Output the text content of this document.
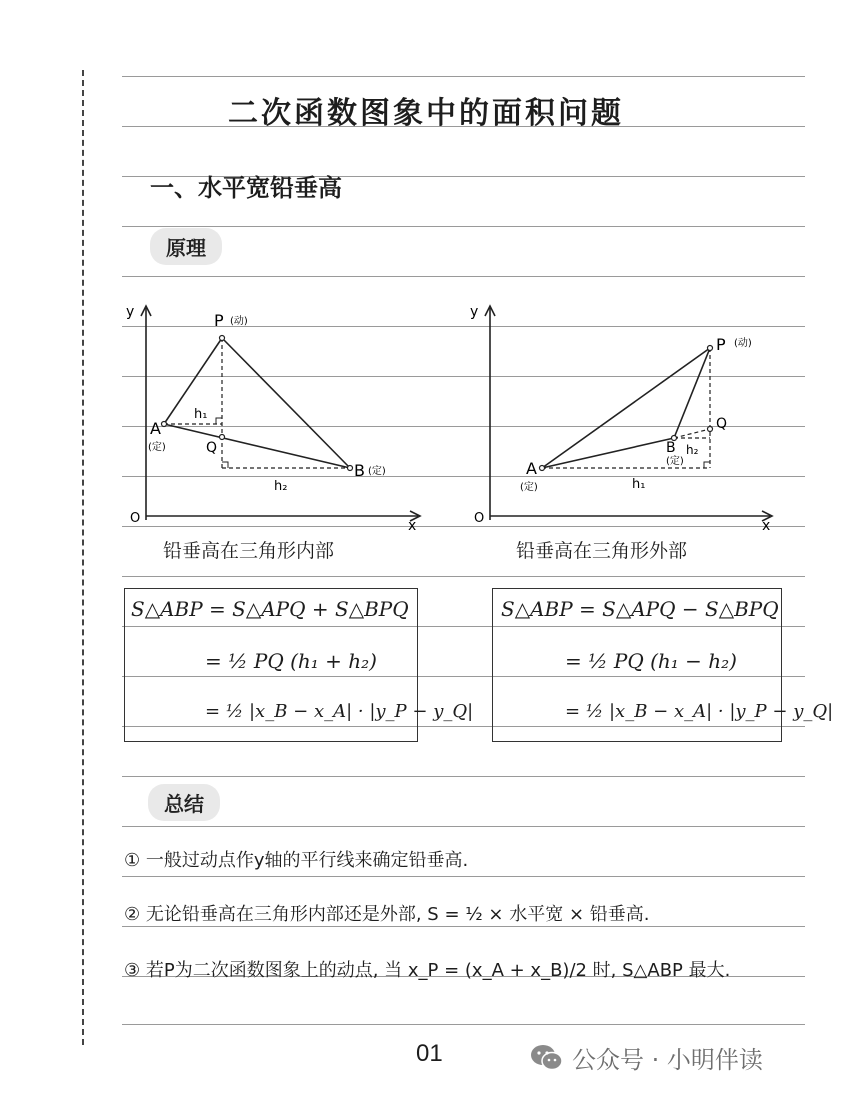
二次函数图象中的面积问题
一、水平宽铅垂高
原理
y
x
O
P (动)
A
(定)
B (定)
Q
h₁
h₂
y
x
O
P (动)
A
(定)
B
(定)
Q
h₁
h₂
铅垂高在三角形内部	铅垂高在三角形外部
S△ABP = S△APQ + S△BPQ
= ½ PQ (h₁ + h₂)
= ½ |x_B − x_A| · |y_P − y_Q|
S△ABP = S△APQ − S△BPQ
= ½ PQ (h₁ − h₂)
= ½ |x_B − x_A| · |y_P − y_Q|
总结
① 一般过动点作y轴的平行线来确定铅垂高.
② 无论铅垂高在三角形内部还是外部, S = ½ × 水平宽 × 铅垂高.
③ 若P为二次函数图象上的动点, 当 x_P = (x_A + x_B)/2 时, S△ABP 最大.
01	公众号 · 小明伴读
